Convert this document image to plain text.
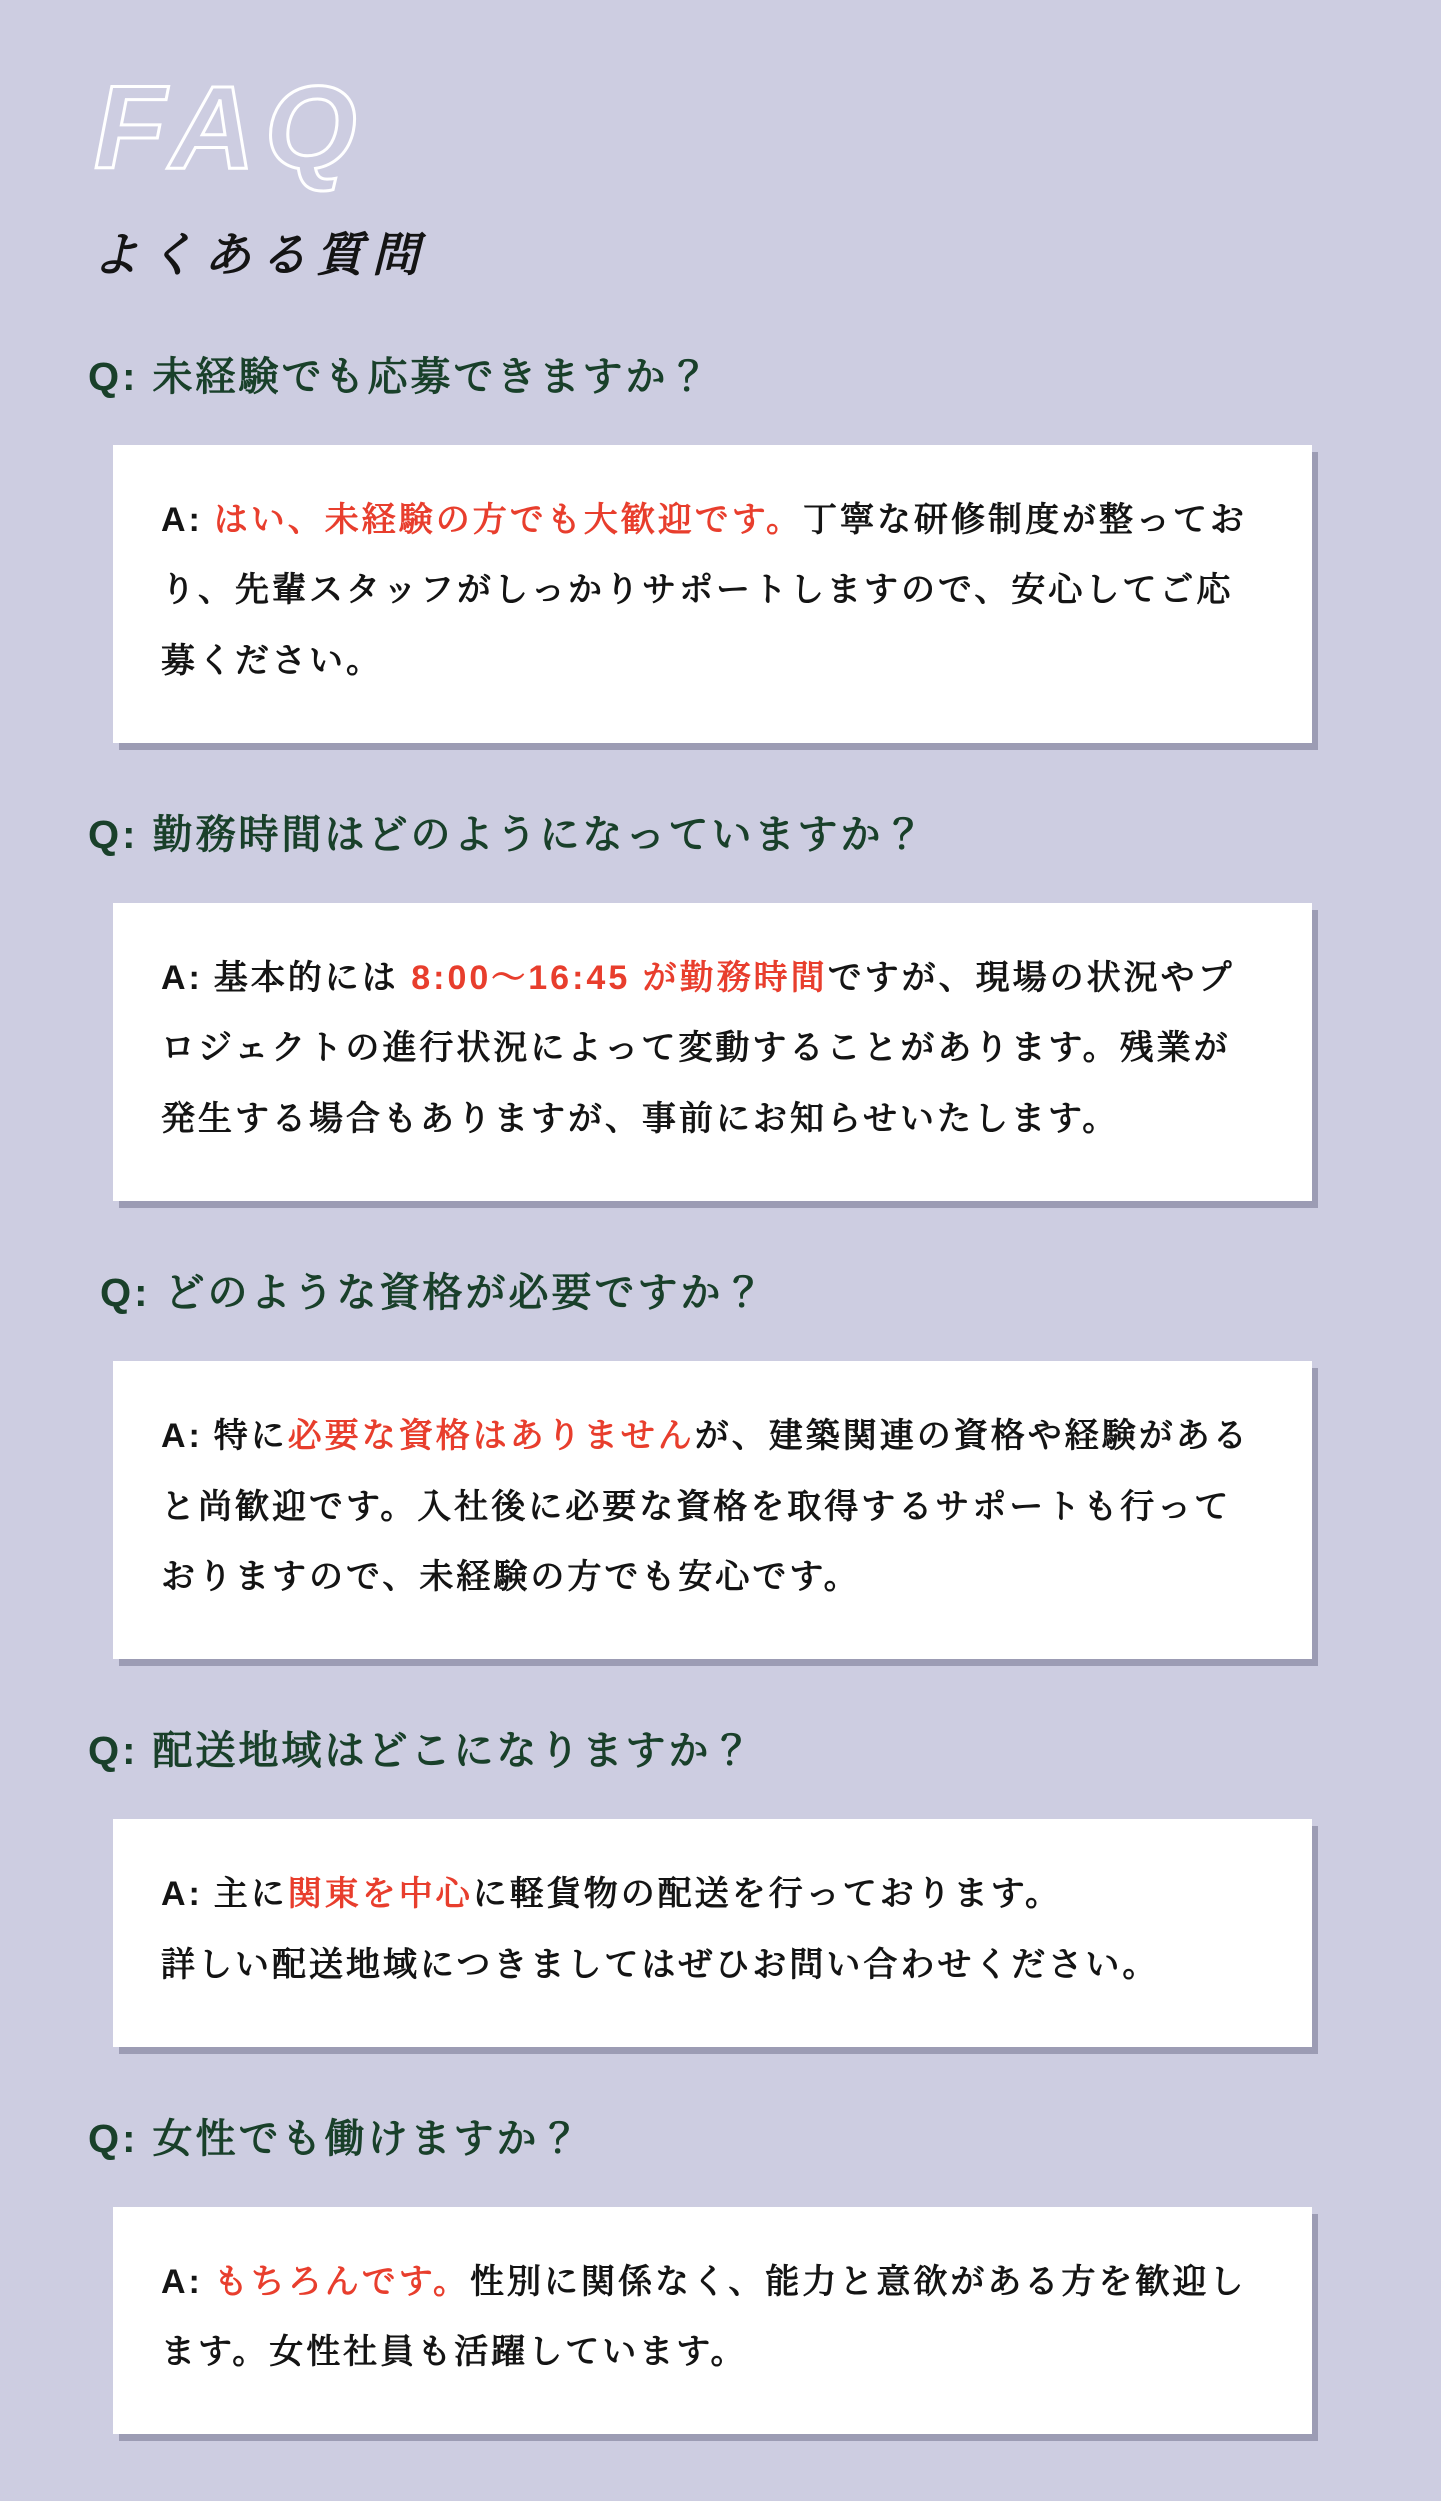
FAQ
よくある質問
Q: 未経験でも応募できますか？

A: はい、未経験の方でも大歓迎です。丁寧な研修制度が整っており、先輩スタッフがしっかりサポートしますので、安心してご応募ください。

Q: 勤務時間はどのようになっていますか？

A: 基本的には 8:00〜16:45 が勤務時間ですが、現場の状況やプロジェクトの進行状況によって変動することがあります。残業が発生する場合もありますが、事前にお知らせいたします。

Q: どのような資格が必要ですか？

A: 特に必要な資格はありませんが、建築関連の資格や経験があると尚歓迎です。入社後に必要な資格を取得するサポートも行っておりますので、未経験の方でも安心です。

Q: 配送地域はどこになりますか？

A: 主に関東を中心に軽貨物の配送を行っております。
詳しい配送地域につきましてはぜひお問い合わせください。

Q: 女性でも働けますか？

A: もちろんです。性別に関係なく、能力と意欲がある方を歓迎します。女性社員も活躍しています。
